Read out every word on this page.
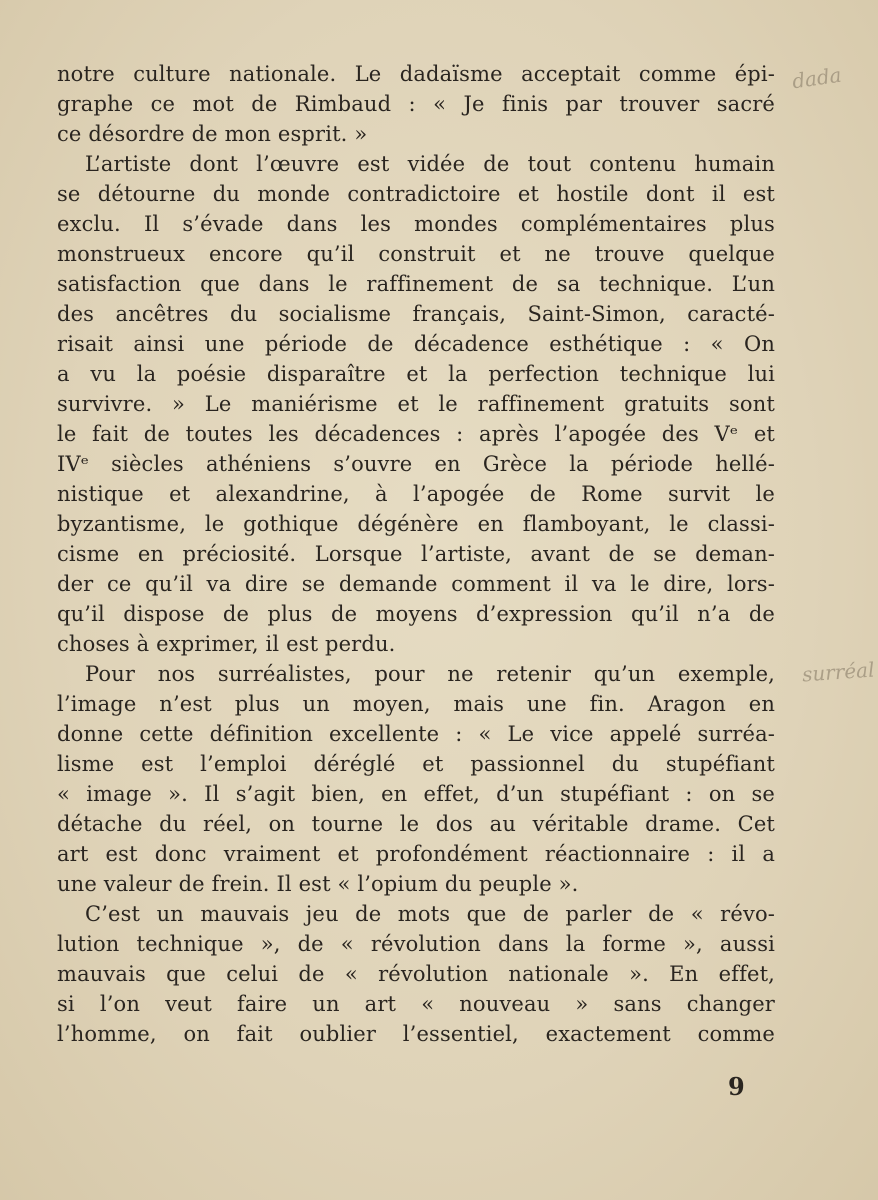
notre culture nationale. Le dadaïsme acceptait comme épi-
graphe ce mot de Rimbaud : « Je finis par trouver sacré
ce désordre de mon esprit. »
L’artiste dont l’œuvre est vidée de tout contenu humain
se détourne du monde contradictoire et hostile dont il est
exclu. Il s’évade dans les mondes complémentaires plus
monstrueux encore qu’il construit et ne trouve quelque
satisfaction que dans le raffinement de sa technique. L’un
des ancêtres du socialisme français, Saint-Simon, caracté-
risait ainsi une période de décadence esthétique : « On
a vu la poésie disparaître et la perfection technique lui
survivre. » Le maniérisme et le raffinement gratuits sont
le fait de toutes les décadences : après l’apogée des Vᵉ et
IVᵉ siècles athéniens s’ouvre en Grèce la période hellé-
nistique et alexandrine, à l’apogée de Rome survit le
byzantisme, le gothique dégénère en flamboyant, le classi-
cisme en préciosité. Lorsque l’artiste, avant de se deman-
der ce qu’il va dire se demande comment il va le dire, lors-
qu’il dispose de plus de moyens d’expression qu’il n’a de
choses à exprimer, il est perdu.
Pour nos surréalistes, pour ne retenir qu’un exemple,
l’image n’est plus un moyen, mais une fin. Aragon en
donne cette définition excellente : « Le vice appelé surréa-
lisme est l’emploi déréglé et passionnel du stupéfiant
« image ». Il s’agit bien, en effet, d’un stupéfiant : on se
détache du réel, on tourne le dos au véritable drame. Cet
art est donc vraiment et profondément réactionnaire : il a
une valeur de frein. Il est « l’opium du peuple ».
C’est un mauvais jeu de mots que de parler de « révo-
lution technique », de « révolution dans la forme », aussi
mauvais que celui de « révolution nationale ». En effet,
si l’on veut faire un art « nouveau » sans changer
l’homme, on fait oublier l’essentiel, exactement comme
dada
surréal
9
